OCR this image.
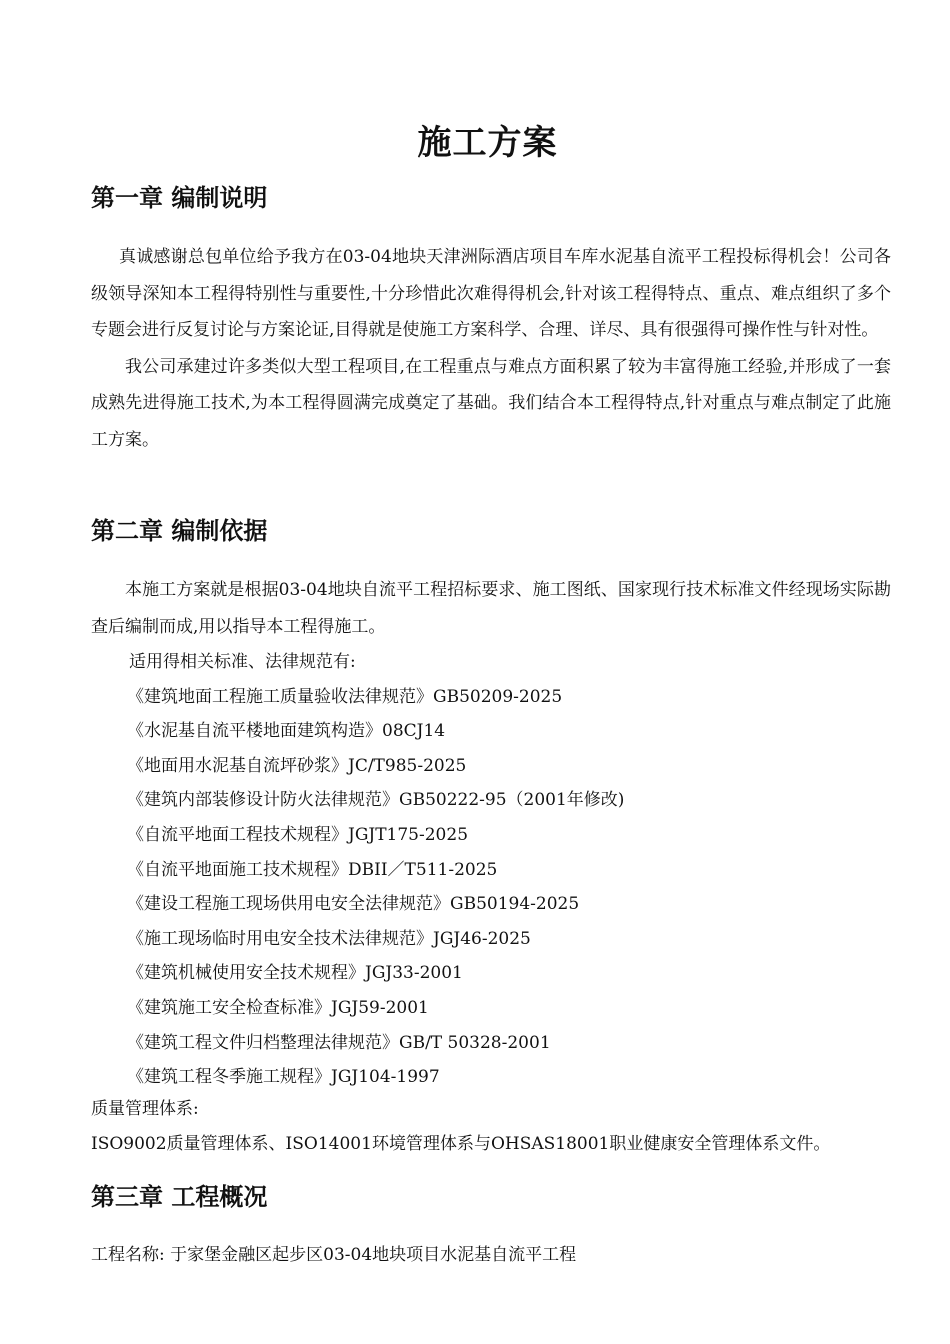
施工方案
第一章 编制说明

真诚感谢总包单位给予我方在03-04地块天津洲际酒店项目车库水泥基自流平工程投标得机会！公司各级领导深知本工程得特别性与重要性,十分珍惜此次难得得机会,针对该工程得特点、重点、难点组织了多个专题会进行反复讨论与方案论证,目得就是使施工方案科学、合理、详尽、具有很强得可操作性与针对性。

我公司承建过许多类似大型工程项目,在工程重点与难点方面积累了较为丰富得施工经验,并形成了一套成熟先进得施工技术,为本工程得圆满完成奠定了基础。我们结合本工程得特点,针对重点与难点制定了此施工方案。

第二章 编制依据

本施工方案就是根据03-04地块自流平工程招标要求、施工图纸、国家现行技术标准文件经现场实际勘查后编制而成,用以指导本工程得施工。

适用得相关标准、法律规范有:
《建筑地面工程施工质量验收法律规范》GB50209-2025
《水泥基自流平楼地面建筑构造》08CJ14
《地面用水泥基自流坪砂浆》JC/T985-2025
《建筑内部装修设计防火法律规范》GB50222-95（2001年修改)
《自流平地面工程技术规程》JGJT175-2025
《自流平地面施工技术规程》DBII／T511-2025
《建设工程施工现场供用电安全法律规范》GB50194-2025
《施工现场临时用电安全技术法律规范》JGJ46-2025
《建筑机械使用安全技术规程》JGJ33-2001
《建筑施工安全检查标准》JGJ59-2001
《建筑工程文件归档整理法律规范》GB/T 50328-2001
《建筑工程冬季施工规程》JGJ104-1997
质量管理体系:
ISO9002质量管理体系、ISO14001环境管理体系与OHSAS18001职业健康安全管理体系文件。
第三章 工程概况
工程名称: 于家堡金融区起步区03-04地块项目水泥基自流平工程
